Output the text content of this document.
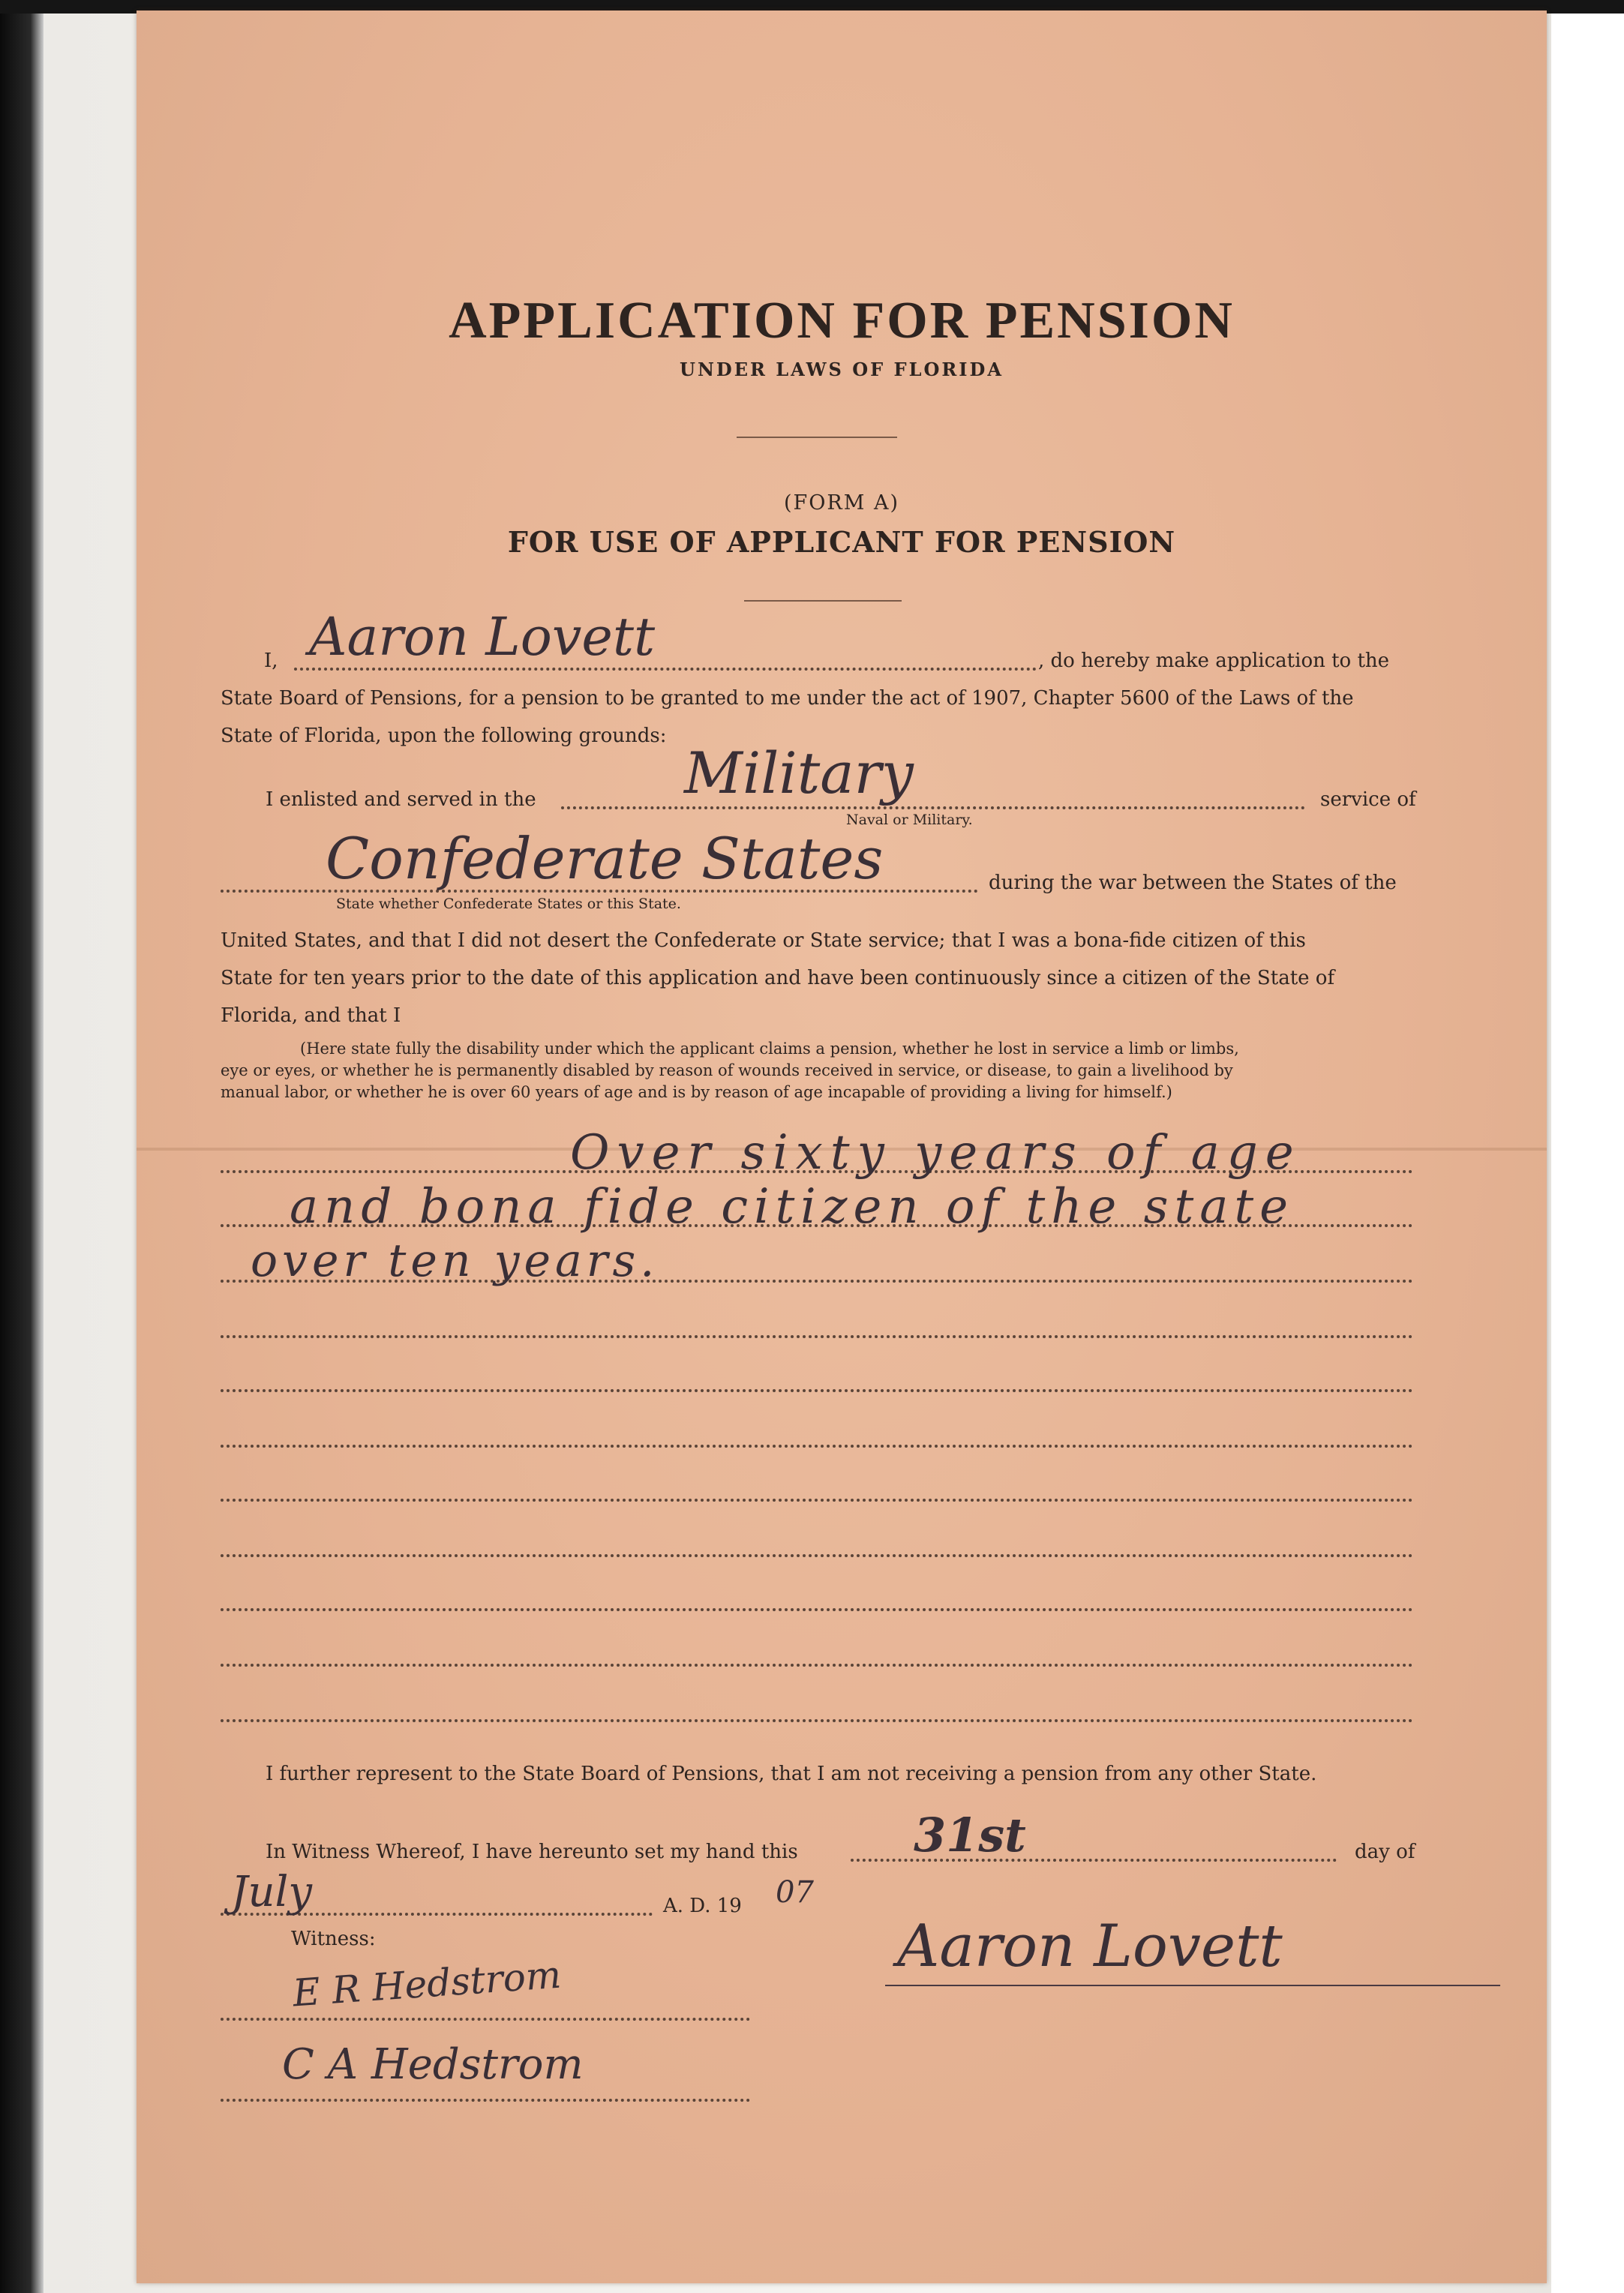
APPLICATION FOR PENSION
UNDER LAWS OF FLORIDA
(FORM A)
FOR USE OF APPLICANT FOR PENSION
I, Aaron Lovett	, do hereby make application to the
State Board of Pensions, for a pension to be granted to me under the act of 1907, Chapter 5600 of the Laws of the
State of Florida, upon the following grounds:
I enlisted and served in the	Military	service of
Naval or Military.
Confederate States	during the war between the States of the
State whether Confederate States or this State.
United States, and that I did not desert the Confederate or State service; that I was a bona-fide citizen of this
State for ten years prior to the date of this application and have been continuously since a citizen of the State of
Florida, and that I
(Here state fully the disability under which the applicant claims a pension, whether he lost in service a limb or limbs,
eye or eyes, or whether he is permanently disabled by reason of wounds received in service, or disease, to gain a livelihood by
manual labor, or whether he is over 60 years of age and is by reason of age incapable of providing a living for himself.)
Over sixty years of age
and bona fide citizen of the state
over ten years.
I further represent to the State Board of Pensions, that I am not receiving a pension from any other State.
In Witness Whereof, I have hereunto set my hand this 31st	day of
July	A. D. 19 07
Witness:
E R Hedstrom
C A Hedstrom
Aaron Lovett
